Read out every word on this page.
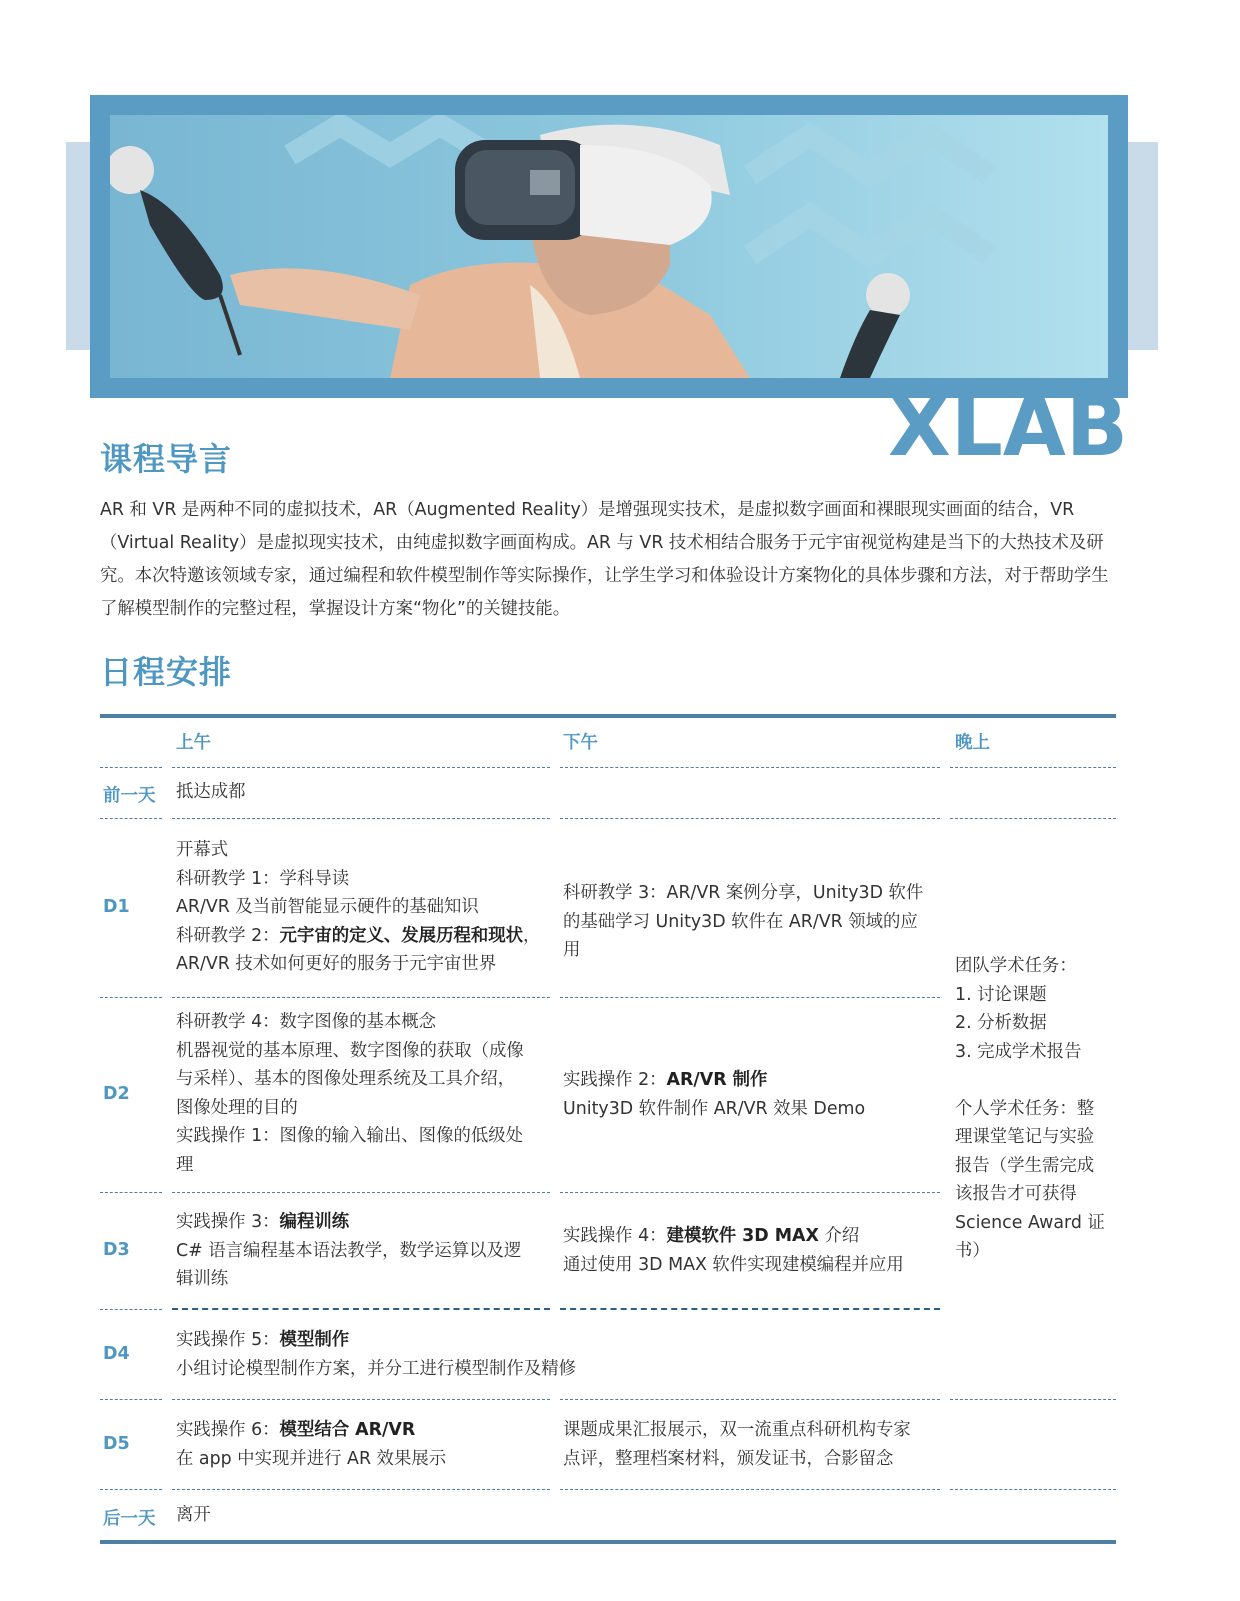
XLAB
课程导言

AR 和 VR 是两种不同的虚拟技术，AR（Augmented Reality）是增强现实技术，是虚拟数字画面和裸眼现实画面的结合，VR（Virtual Reality）是虚拟现实技术，由纯虚拟数字画面构成。AR 与 VR 技术相结合服务于元宇宙视觉构建是当下的大热技术及研究。本次特邀该领域专家，通过编程和软件模型制作等实际操作，让学生学习和体验设计方案物化的具体步骤和方法，对于帮助学生了解模型制作的完整过程，掌握设计方案“物化”的关键技能。

日程安排
上午	下午	晚上
前一天 抵达成都
D1
开幕式
科研教学 1：学科导读
AR/VR 及当前智能显示硬件的基础知识
科研教学 2：元宇宙的定义、发展历程和现状，
AR/VR 技术如何更好的服务于元宇宙世界
科研教学 3：AR/VR 案例分享，Unity3D 软件
的基础学习 Unity3D 软件在 AR/VR 领域的应
用
D2
科研教学 4：数字图像的基本概念
机器视觉的基本原理、数字图像的获取（成像
与采样）、基本的图像处理系统及工具介绍，
图像处理的目的
实践操作 1：图像的输入输出、图像的低级处
理
实践操作 2：AR/VR 制作
Unity3D 软件制作 AR/VR 效果 Demo
团队学术任务：
1. 讨论课题
2. 分析数据
3. 完成学术报告
个人学术任务：整
理课堂笔记与实验
报告（学生需完成
该报告才可获得
Science Award 证
书）
D3
实践操作 3：编程训练
C# 语言编程基本语法教学，数学运算以及逻
辑训练
实践操作 4：建模软件 3D MAX 介绍
通过使用 3D MAX 软件实现建模编程并应用
D4
实践操作 5：模型制作
小组讨论模型制作方案，并分工进行模型制作及精修
D5
实践操作 6：模型结合 AR/VR
在 app 中实现并进行 AR 效果展示
课题成果汇报展示，双一流重点科研机构专家
点评，整理档案材料，颁发证书，合影留念
后一天 离开
